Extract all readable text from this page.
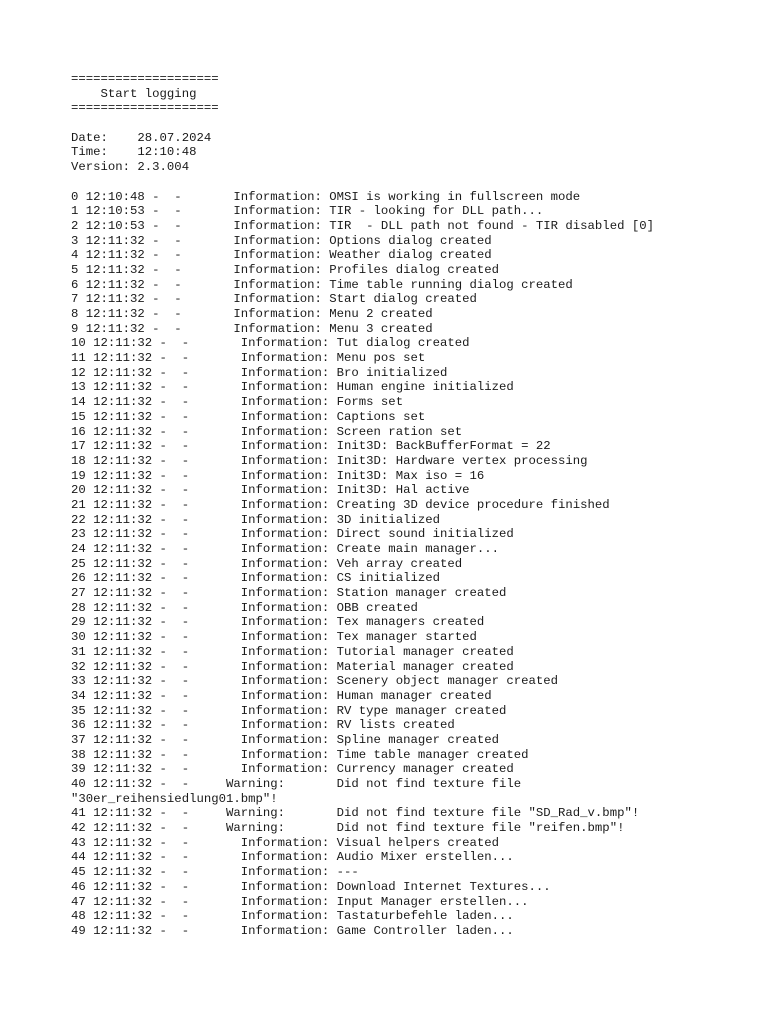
====================
Start logging
====================
Date:    28.07.2024
Time:    12:10:48
Version: 2.3.004
0 12:10:48 -  -       Information: OMSI is working in fullscreen mode
1 12:10:53 -  -       Information: TIR - looking for DLL path...
2 12:10:53 -  -       Information: TIR  - DLL path not found - TIR disabled [0]
3 12:11:32 -  -       Information: Options dialog created
4 12:11:32 -  -       Information: Weather dialog created
5 12:11:32 -  -       Information: Profiles dialog created
6 12:11:32 -  -       Information: Time table running dialog created
7 12:11:32 -  -       Information: Start dialog created
8 12:11:32 -  -       Information: Menu 2 created
9 12:11:32 -  -       Information: Menu 3 created
10 12:11:32 -  -       Information: Tut dialog created
11 12:11:32 -  -       Information: Menu pos set
12 12:11:32 -  -       Information: Bro initialized
13 12:11:32 -  -       Information: Human engine initialized
14 12:11:32 -  -       Information: Forms set
15 12:11:32 -  -       Information: Captions set
16 12:11:32 -  -       Information: Screen ration set
17 12:11:32 -  -       Information: Init3D: BackBufferFormat = 22
18 12:11:32 -  -       Information: Init3D: Hardware vertex processing
19 12:11:32 -  -       Information: Init3D: Max iso = 16
20 12:11:32 -  -       Information: Init3D: Hal active
21 12:11:32 -  -       Information: Creating 3D device procedure finished
22 12:11:32 -  -       Information: 3D initialized
23 12:11:32 -  -       Information: Direct sound initialized
24 12:11:32 -  -       Information: Create main manager...
25 12:11:32 -  -       Information: Veh array created
26 12:11:32 -  -       Information: CS initialized
27 12:11:32 -  -       Information: Station manager created
28 12:11:32 -  -       Information: OBB created
29 12:11:32 -  -       Information: Tex managers created
30 12:11:32 -  -       Information: Tex manager started
31 12:11:32 -  -       Information: Tutorial manager created
32 12:11:32 -  -       Information: Material manager created
33 12:11:32 -  -       Information: Scenery object manager created
34 12:11:32 -  -       Information: Human manager created
35 12:11:32 -  -       Information: RV type manager created
36 12:11:32 -  -       Information: RV lists created
37 12:11:32 -  -       Information: Spline manager created
38 12:11:32 -  -       Information: Time table manager created
39 12:11:32 -  -       Information: Currency manager created
40 12:11:32 -  -     Warning:       Did not find texture file
"30er_reihensiedlung01.bmp"!
41 12:11:32 -  -     Warning:       Did not find texture file "SD_Rad_v.bmp"!
42 12:11:32 -  -     Warning:       Did not find texture file "reifen.bmp"!
43 12:11:32 -  -       Information: Visual helpers created
44 12:11:32 -  -       Information: Audio Mixer erstellen...
45 12:11:32 -  -       Information: ---
46 12:11:32 -  -       Information: Download Internet Textures...
47 12:11:32 -  -       Information: Input Manager erstellen...
48 12:11:32 -  -       Information: Tastaturbefehle laden...
49 12:11:32 -  -       Information: Game Controller laden...
